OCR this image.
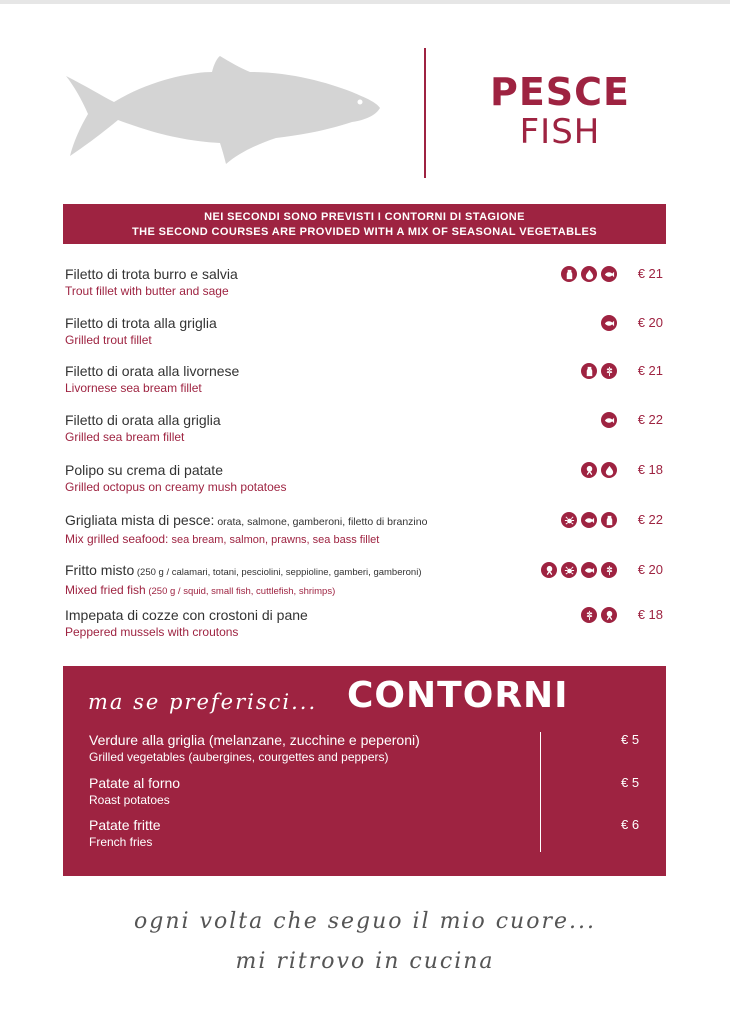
PESCE
FISH
NEI SECONDI SONO PREVISTI I CONTORNI DI STAGIONE
THE SECOND COURSES ARE PROVIDED WITH A MIX OF SEASONAL VEGETABLES
Filetto di trota burro e salvia
Trout fillet with butter and sage
€ 21
Filetto di trota alla griglia
Grilled trout fillet
€ 20
Filetto di orata alla livornese
Livornese sea bream fillet
€ 21
Filetto di orata alla griglia
Grilled sea bream fillet
€ 22
Polipo su crema di patate
Grilled octopus on creamy mush potatoes
€ 18
Grigliata mista di pesce: orata, salmone, gamberoni, filetto di branzino
Mix grilled seafood: sea bream, salmon, prawns, sea bass fillet
€ 22
Fritto misto (250 g / calamari, totani, pesciolini, seppioline, gamberi, gamberoni)
Mixed fried fish (250 g / squid, small fish, cuttlefish, shrimps)
€ 20
Impepata di cozze con crostoni di pane
Peppered mussels with croutons
€ 18
ma se preferisci... CONTORNI
Verdure alla griglia (melanzane, zucchine e peperoni)
Grilled vegetables (aubergines, courgettes and peppers)
€ 5
Patate al forno
Roast potatoes
€ 5
Patate fritte
French fries
€ 6
ogni volta che seguo il mio cuore...
mi ritrovo in cucina
